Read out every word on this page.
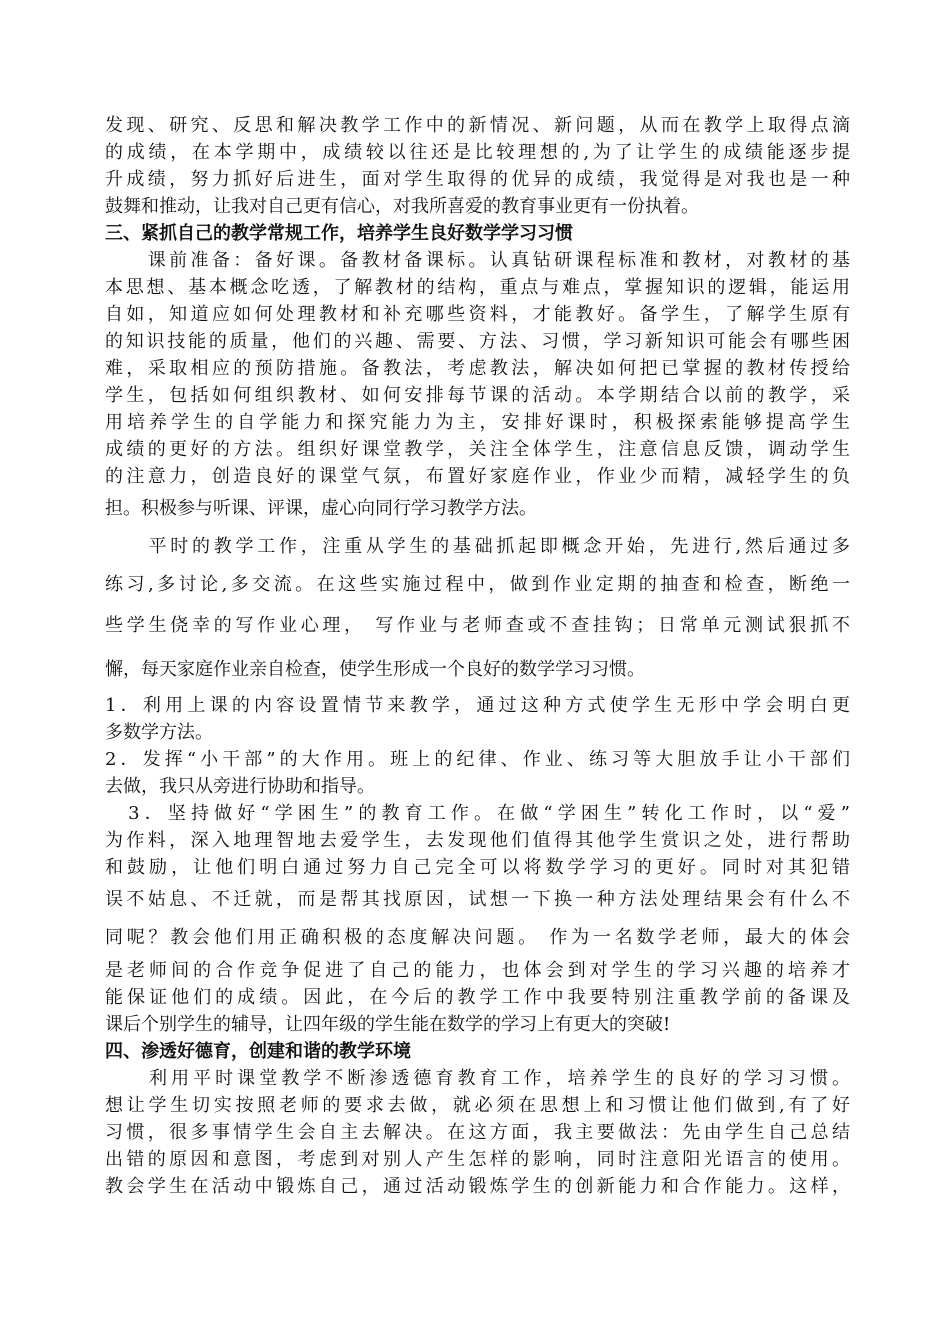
发现、研究、反思和解决教学工作中的新情况、新问题，从而在教学上取得点滴
的成绩，在本学期中，成绩较以往还是比较理想的,为了让学生的成绩能逐步提
升成绩，努力抓好后进生，面对学生取得的优异的成绩，我觉得是对我也是一种
鼓舞和推动，让我对自己更有信心，对我所喜爱的教育事业更有一份执着。
三、紧抓自己的教学常规工作，培养学生良好数学学习习惯
　　课前准备：备好课。备教材备课标。认真钻研课程标准和教材，对教材的基
本思想、基本概念吃透，了解教材的结构，重点与难点，掌握知识的逻辑，能运用
自如，知道应如何处理教材和补充哪些资料，才能教好。备学生，了解学生原有
的知识技能的质量，他们的兴趣、需要、方法、习惯，学习新知识可能会有哪些困
难，采取相应的预防措施。备教法，考虑教法，解决如何把已掌握的教材传授给
学生，包括如何组织教材、如何安排每节课的活动。本学期结合以前的教学，采
用培养学生的自学能力和探究能力为主，安排好课时，积极探索能够提高学生
成绩的更好的方法。组织好课堂教学，关注全体学生，注意信息反馈，调动学生
的注意力，创造良好的课堂气氛，布置好家庭作业，作业少而精，减轻学生的负
担。积极参与听课、评课，虚心向同行学习教学方法。
　　平时的教学工作，注重从学生的基础抓起即概念开始，先进行,然后通过多
练习,多讨论,多交流。在这些实施过程中，做到作业定期的抽查和检查，断绝一
些学生侥幸的写作业心理， 写作业与老师查或不查挂钩；日常单元测试狠抓不
懈，每天家庭作业亲自检查，使学生形成一个良好的数学学习习惯。
1．利用上课的内容设置情节来教学，通过这种方式使学生无形中学会明白更
多数学方法。
2．发挥“小干部”的大作用。班上的纪律、作业、练习等大胆放手让小干部们
去做，我只从旁进行协助和指导。
　3．坚持做好“学困生”的教育工作。在做“学困生”转化工作时，以“爱”
为作料，深入地理智地去爱学生，去发现他们值得其他学生赏识之处，进行帮助
和鼓励，让他们明白通过努力自己完全可以将数学学习的更好。同时对其犯错
误不姑息、不迁就，而是帮其找原因，试想一下换一种方法处理结果会有什么不
同呢？教会他们用正确积极的态度解决问题。 作为一名数学老师，最大的体会
是老师间的合作竞争促进了自己的能力，也体会到对学生的学习兴趣的培养才
能保证他们的成绩。因此，在今后的教学工作中我要特别注重教学前的备课及
课后个别学生的辅导，让四年级的学生能在数学的学习上有更大的突破!
四、渗透好德育，创建和谐的教学环境
　　利用平时课堂教学不断渗透德育教育工作，培养学生的良好的学习习惯。
想让学生切实按照老师的要求去做，就必须在思想上和习惯让他们做到,有了好
习惯，很多事情学生会自主去解决。在这方面，我主要做法：先由学生自己总结
出错的原因和意图，考虑到对别人产生怎样的影响，同时注意阳光语言的使用。
教会学生在活动中锻炼自己，通过活动锻炼学生的创新能力和合作能力。这样，
